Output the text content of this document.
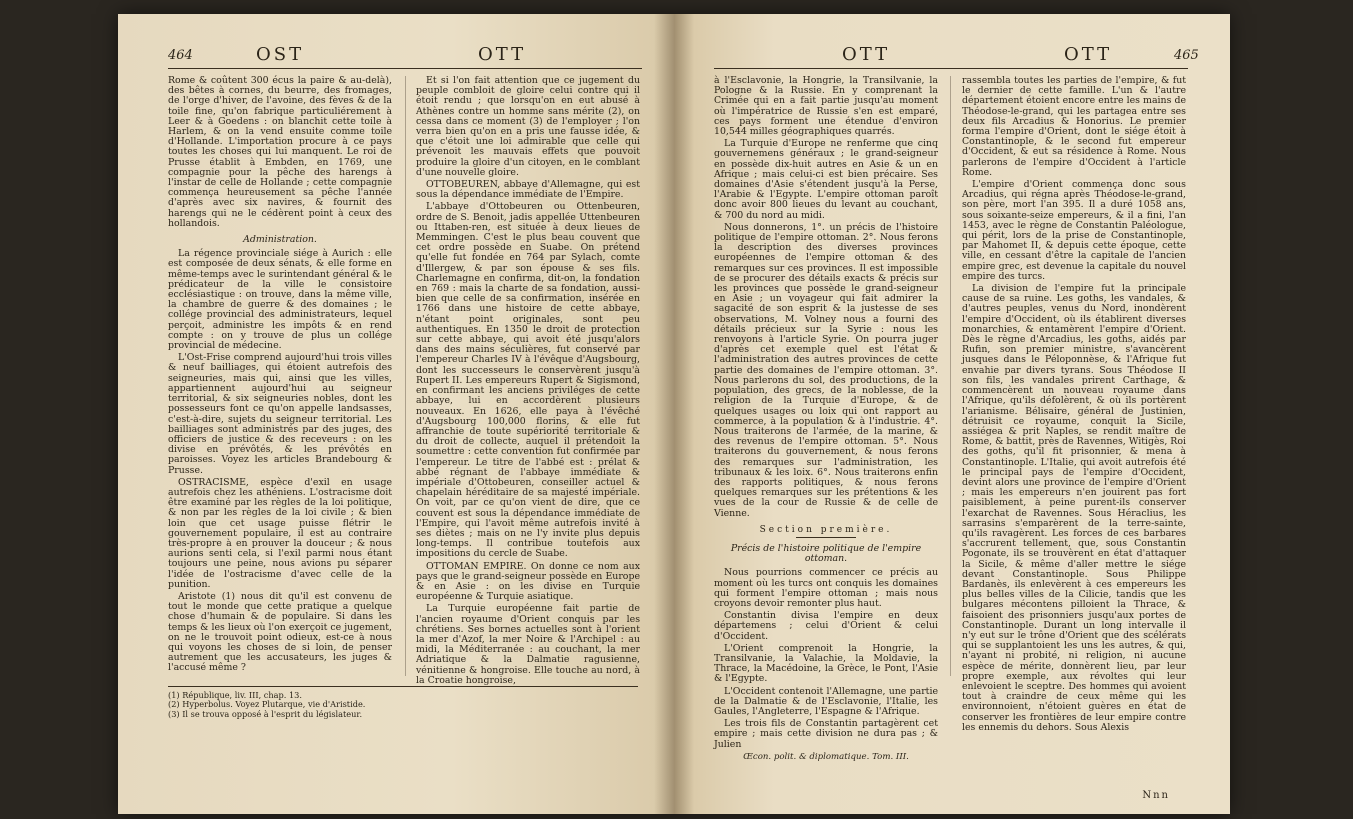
464	OST	OTT

Rome & coûtent 300 écus la paire & au-delà), des bêtes à cornes, du beurre, des fromages, de l'orge d'hiver, de l'avoine, des fèves & de la toile fine, qu'on fabrique particuliérement à Leer & à Goedens : on blanchit cette toile à Harlem, & on la vend ensuite comme toile d'Hollande. L'importation procure à ce pays toutes les choses qui lui manquent. Le roi de Prusse établit à Embden, en 1769, une compagnie pour la pêche des harengs à l'instar de celle de Hollande ; cette compagnie commença heureusement sa pêche l'année d'après avec six navires, & fournit des harengs qui ne le cédèrent point à ceux des hollandois.

Administration.

La régence provinciale siége à Aurich : elle est composée de deux sénats, & elle forme en même-temps avec le surintendant général & le prédicateur de la ville le consistoire ecclésiastique : on trouve, dans la même ville, la chambre de guerre & des domaines ; le collége provincial des administrateurs, lequel perçoit, administre les impôts & en rend compte : on y trouve de plus un collége provincial de médecine.

L'Ost-Frise comprend aujourd'hui trois villes & neuf bailliages, qui étoient autrefois des seigneuries, mais qui, ainsi que les villes, appartiennent aujourd'hui au seigneur territorial, & six seigneuries nobles, dont les possesseurs font ce qu'on appelle landsasses, c'est-à-dire, sujets du seigneur territorial. Les bailliages sont administrés par des juges, des officiers de justice & des receveurs : on les divise en prévôtés, & les prévôtés en paroisses. Voyez les articles Brandebourg & Prusse.

OSTRACISME, espèce d'exil en usage autrefois chez les athéniens. L'ostracisme doit être examiné par les règles de la loi politique, & non par les règles de la loi civile ; & bien loin que cet usage puisse flétrir le gouvernement populaire, il est au contraire très-propre à en prouver la douceur ; & nous aurions senti cela, si l'exil parmi nous étant toujours une peine, nous avions pu séparer l'idée de l'ostracisme d'avec celle de la punition.

Aristote (1) nous dit qu'il est convenu de tout le monde que cette pratique a quelque chose d'humain & de populaire. Si dans les temps & les lieux où l'on exerçoit ce jugement, on ne le trouvoit point odieux, est-ce à nous qui voyons les choses de si loin, de penser autrement que les accusateurs, les juges & l'accusé même ?

Et si l'on fait attention que ce jugement du peuple combloit de gloire celui contre qui il étoit rendu ; que lorsqu'on en eut abusé à Athènes contre un homme sans mérite (2), on cessa dans ce moment (3) de l'employer ; l'on verra bien qu'on en a pris une fausse idée, & que c'étoit une loi admirable que celle qui prévenoit les mauvais effets que pouvoit produire la gloire d'un citoyen, en le comblant d'une nouvelle gloire.

OTTOBEUREN, abbaye d'Allemagne, qui est sous la dépendance immédiate de l'Empire.

L'abbaye d'Ottobeuren ou Ottenbeuren, ordre de S. Benoit, jadis appellée Uttenbeuren ou Ittaben-ren, est située à deux lieues de Memmingen. C'est le plus beau couvent que cet ordre possède en Suabe. On prétend qu'elle fut fondée en 764 par Sylach, comte d'Illergew, & par son épouse & ses fils. Charlemagne en confirma, dit-on, la fondation en 769 : mais la charte de sa fondation, aussi-bien que celle de sa confirmation, insérée en 1766 dans une histoire de cette abbaye, n'étant point originales, sont peu authentiques. En 1350 le droit de protection sur cette abbaye, qui avoit été jusqu'alors dans des mains séculières, fut conservé par l'empereur Charles IV à l'évêque d'Augsbourg, dont les successeurs le conservèrent jusqu'à Rupert II. Les empereurs Rupert & Sigismond, en confirmant les anciens priviléges de cette abbaye, lui en accordèrent plusieurs nouveaux. En 1626, elle paya à l'évêché d'Augsbourg 100,000 florins, & elle fut affranchie de toute supériorité territoriale & du droit de collecte, auquel il prétendoit la soumettre : cette convention fut confirmée par l'empereur. Le titre de l'abbé est : prélat & abbé régnant de l'abbaye immédiate & impériale d'Ottobeuren, conseiller actuel & chapelain héréditaire de sa majesté impériale. On voit, par ce qu'on vient de dire, que ce couvent est sous la dépendance immédiate de l'Empire, qui l'avoit même autrefois invité à ses diètes ; mais on ne l'y invite plus depuis long-temps. Il contribue toutefois aux impositions du cercle de Suabe.

OTTOMAN EMPIRE. On donne ce nom aux pays que le grand-seigneur possède en Europe & en Asie : on les divise en Turquie européenne & Turquie asiatique.

La Turquie européenne fait partie de l'ancien royaume d'Orient conquis par les chrétiens. Ses bornes actuelles sont à l'orient la mer d'Azof, la mer Noire & l'Archipel : au midi, la Méditerranée : au couchant, la mer Adriatique & la Dalmatie ragusienne, vénitienne & hongroise. Elle touche au nord, à la Croatie hongroise,

(1) République, liv. III, chap. 13.
(2) Hyperbolus. Voyez Plutarque, vie d'Aristide.
(3) Il se trouva opposé à l'esprit du législateur.
OTT	OTT	465

à l'Esclavonie, la Hongrie, la Transilvanie, la Pologne & la Russie. En y comprenant la Crimée qui en a fait partie jusqu'au moment où l'impératrice de Russie s'en est emparé, ces pays forment une étendue d'environ 10,544 milles géographiques quarrés.

La Turquie d'Europe ne renferme que cinq gouvernemens généraux ; le grand-seigneur en possède dix-huit autres en Asie & un en Afrique ; mais celui-ci est bien précaire. Ses domaines d'Asie s'étendent jusqu'à la Perse, l'Arabie & l'Egypte. L'empire ottoman paroît donc avoir 800 lieues du levant au couchant, & 700 du nord au midi.

Nous donnerons, 1°. un précis de l'histoire politique de l'empire ottoman. 2°. Nous ferons la description des diverses provinces européennes de l'empire ottoman & des remarques sur ces provinces. Il est impossible de se procurer des détails exacts & précis sur les provinces que possède le grand-seigneur en Asie ; un voyageur qui fait admirer la sagacité de son esprit & la justesse de ses observations, M. Volney nous a fourni des détails précieux sur la Syrie : nous les renvoyons à l'article Syrie. On pourra juger d'après cet exemple quel est l'état & l'administration des autres provinces de cette partie des domaines de l'empire ottoman. 3°. Nous parlerons du sol, des productions, de la population, des grecs, de la noblesse, de la religion de la Turquie d'Europe, & de quelques usages ou loix qui ont rapport au commerce, à la population & à l'industrie. 4°. Nous traiterons de l'armée, de la marine, & des revenus de l'empire ottoman. 5°. Nous traiterons du gouvernement, & nous ferons des remarques sur l'administration, les tribunaux & les loix. 6°. Nous traiterons enfin des rapports politiques, & nous ferons quelques remarques sur les prétentions & les vues de la cour de Russie & de celle de Vienne.

Section première.

Précis de l'histoire politique de l'empire ottoman.

Nous pourrions commencer ce précis au moment où les turcs ont conquis les domaines qui forment l'empire ottoman ; mais nous croyons devoir remonter plus haut.

Constantin divisa l'empire en deux départemens ; celui d'Orient & celui d'Occident.

L'Orient comprenoit la Hongrie, la Transilvanie, la Valachie, la Moldavie, la Thrace, la Macédoine, la Grèce, le Pont, l'Asie & l'Egypte.

L'Occident contenoit l'Allemagne, une partie de la Dalmatie & de l'Esclavonie, l'Italie, les Gaules, l'Angleterre, l'Espagne & l'Afrique.

Les trois fils de Constantin partagèrent cet empire ; mais cette division ne dura pas ; & Julien

Œcon. polit. & diplomatique. Tom. III.

rassembla toutes les parties de l'empire, & fut le dernier de cette famille. L'un & l'autre département étoient encore entre les mains de Théodose-le-grand, qui les partagea entre ses deux fils Arcadius & Honorius. Le premier forma l'empire d'Orient, dont le siége étoit à Constantinople, & le second fut empereur d'Occident, & eut sa résidence à Rome. Nous parlerons de l'empire d'Occident à l'article Rome.

L'empire d'Orient commença donc sous Arcadius, qui régna après Théodose-le-grand, son père, mort l'an 395. Il a duré 1058 ans, sous soixante-seize empereurs, & il a fini, l'an 1453, avec le règne de Constantin Paléologue, qui périt, lors de la prise de Constantinople, par Mahomet II, & depuis cette époque, cette ville, en cessant d'être la capitale de l'ancien empire grec, est devenue la capitale du nouvel empire des turcs.

La division de l'empire fut la principale cause de sa ruine. Les goths, les vandales, & d'autres peuples, venus du Nord, inondèrent l'empire d'Occident, où ils établirent diverses monarchies, & entamèrent l'empire d'Orient. Dès le règne d'Arcadius, les goths, aidés par Rufin, son premier ministre, s'avancèrent jusques dans le Péloponnèse, & l'Afrique fut envahie par divers tyrans. Sous Théodose II son fils, les vandales prirent Carthage, & commencèrent un nouveau royaume dans l'Afrique, qu'ils défolèrent, & où ils portèrent l'arianisme. Bélisaire, général de Justinien, détruisit ce royaume, conquit la Sicile, assiégea & prit Naples, se rendit maître de Rome, & battit, près de Ravennes, Witigès, Roi des goths, qu'il fit prisonnier, & mena à Constantinople. L'Italie, qui avoit autrefois été le principal pays de l'empire d'Occident, devint alors une province de l'empire d'Orient ; mais les empereurs n'en jouirent pas fort paisiblement, à peine purent-ils conserver l'exarchat de Ravennes. Sous Héraclius, les sarrasins s'emparèrent de la terre-sainte, qu'ils ravagèrent. Les forces de ces barbares s'accrurent tellement, que, sous Constantin Pogonate, ils se trouvèrent en état d'attaquer la Sicile, & même d'aller mettre le siége devant Constantinople. Sous Philippe Bardanès, ils enlevèrent à ces empereurs les plus belles villes de la Cilicie, tandis que les bulgares mécontens pilloient la Thrace, & faisoient des prisonniers jusqu'aux portes de Constantinople. Durant un long intervalle il n'y eut sur le trône d'Orient que des scélérats qui se supplantoient les uns les autres, & qui, n'ayant ni probité, ni religion, ni aucune espèce de mérite, donnèrent lieu, par leur propre exemple, aux révoltes qui leur enlevoient le sceptre. Des hommes qui avoient tout à craindre de ceux même qui les environnoient, n'étoient guères en état de conserver les frontières de leur empire contre les ennemis du dehors. Sous Alexis

Nnn
